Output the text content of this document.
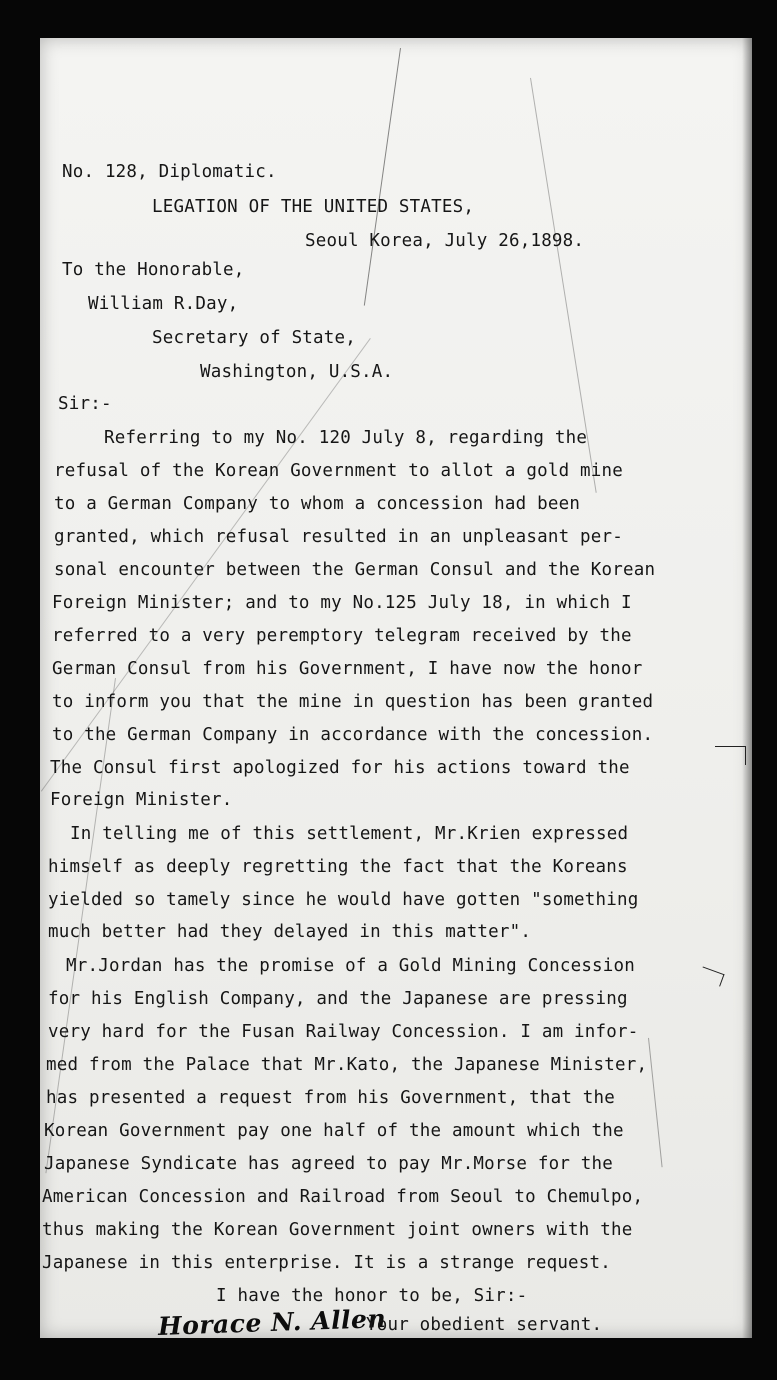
No. 128, Diplomatic.
LEGATION OF THE UNITED STATES,
Seoul Korea, July 26,1898.
To the Honorable,
William R.Day,
Secretary of State,
Washington, U.S.A.
Sir:-
Referring to my No. 120 July 8, regarding the
refusal of the Korean Government to allot a gold mine
to a German Company to whom a concession had been
granted, which refusal resulted in an unpleasant per-
sonal encounter between the German Consul and the Korean
Foreign Minister; and to my No.125 July 18, in which I
referred to a very peremptory telegram received by the
German Consul from his Government, I have now the honor
to inform you that the mine in question has been granted
to the German Company in accordance with the concession.
The Consul first apologized for his actions toward the
Foreign Minister.
In telling me of this settlement, Mr.Krien expressed
himself as deeply regretting the fact that the Koreans
yielded so tamely since he would have gotten "something
much better had they delayed in this matter".
Mr.Jordan has the promise of a Gold Mining Concession
for his English Company, and the Japanese are pressing
very hard for the Fusan Railway Concession. I am infor-
med from the Palace that Mr.Kato, the Japanese Minister,
has presented a request from his Government, that the
Korean Government pay one half of the amount which the
Japanese Syndicate has agreed to pay Mr.Morse for the
American Concession and Railroad from Seoul to Chemulpo,
thus making the Korean Government joint owners with the
Japanese in this enterprise. It is a strange request.
I have the honor to be, Sir:-
Horace N. Allen
Your obedient servant.
